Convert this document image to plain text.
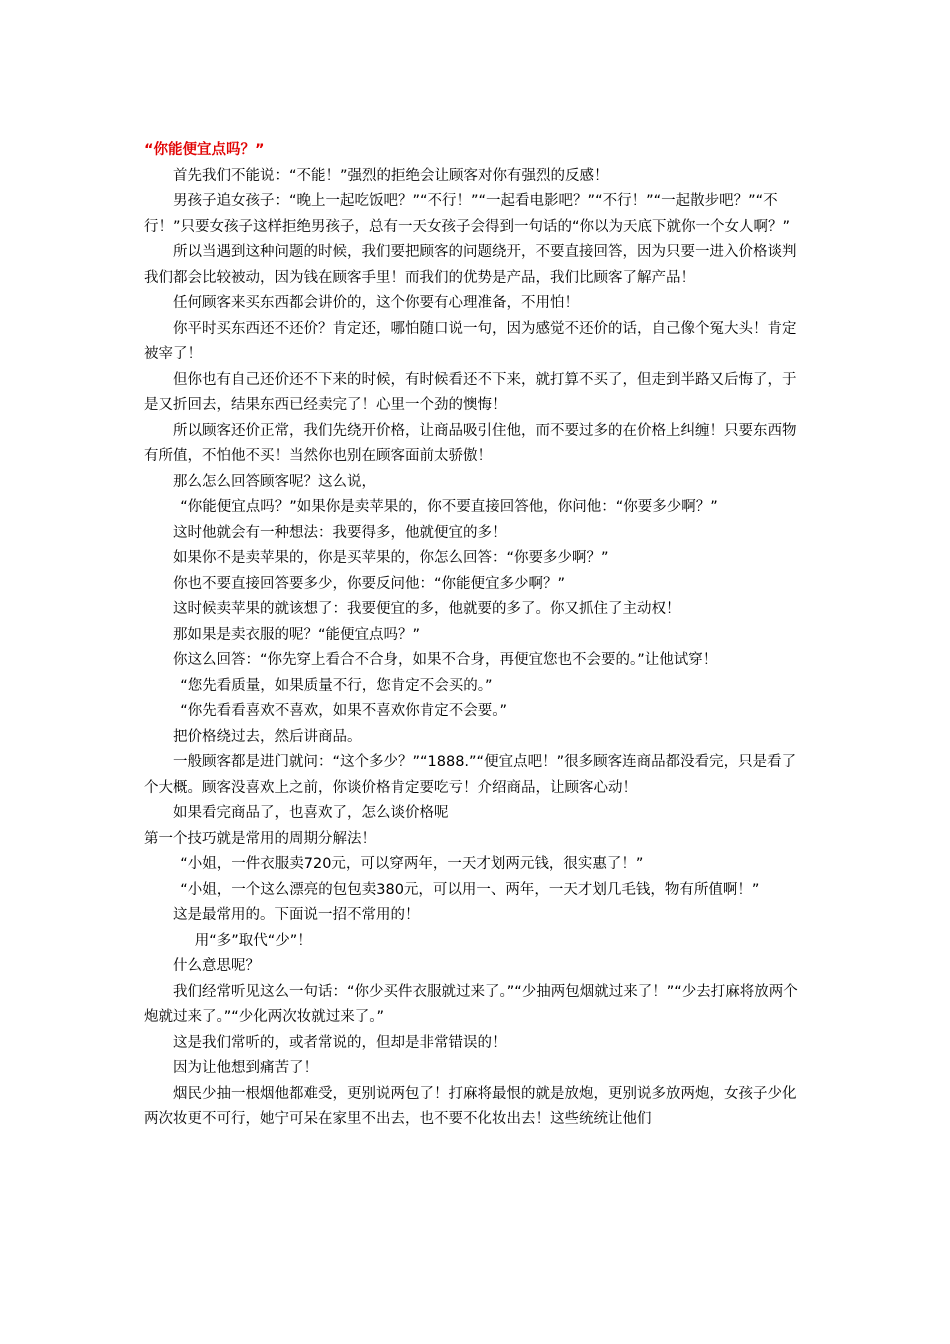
“你能便宜点吗？”

首先我们不能说：“不能！”强烈的拒绝会让顾客对你有强烈的反感！

男孩子追女孩子：“晚上一起吃饭吧？”“不行！”“一起看电影吧？”“不行！”“一起散步吧？”“不行！”只要女孩子这样拒绝男孩子，总有一天女孩子会得到一句话的“你以为天底下就你一个女人啊？”

所以当遇到这种问题的时候，我们要把顾客的问题绕开，不要直接回答，因为只要一进入价格谈判我们都会比较被动，因为钱在顾客手里！而我们的优势是产品，我们比顾客了解产品！

任何顾客来买东西都会讲价的，这个你要有心理准备，不用怕！

你平时买东西还不还价？肯定还，哪怕随口说一句，因为感觉不还价的话，自己像个冤大头！肯定被宰了！

但你也有自己还价还不下来的时候，有时候看还不下来，就打算不买了，但走到半路又后悔了，于是又折回去，结果东西已经卖完了！心里一个劲的懊悔！

所以顾客还价正常，我们先绕开价格，让商品吸引住他，而不要过多的在价格上纠缠！只要东西物有所值，不怕他不买！当然你也别在顾客面前太骄傲！

那么怎么回答顾客呢？这么说，

“你能便宜点吗？”如果你是卖苹果的，你不要直接回答他，你问他：“你要多少啊？”

这时他就会有一种想法：我要得多，他就便宜的多！

如果你不是卖苹果的，你是买苹果的，你怎么回答：“你要多少啊？”

你也不要直接回答要多少，你要反问他：“你能便宜多少啊？”

这时候卖苹果的就该想了：我要便宜的多，他就要的多了。你又抓住了主动权！

那如果是卖衣服的呢？“能便宜点吗？”

你这么回答：“你先穿上看合不合身，如果不合身，再便宜您也不会要的。”让他试穿！

“您先看质量，如果质量不行，您肯定不会买的。”

“你先看看喜欢不喜欢，如果不喜欢你肯定不会要。”

把价格绕过去，然后讲商品。

一般顾客都是进门就问：“这个多少？”“1888.”“便宜点吧！”很多顾客连商品都没看完，只是看了个大概。顾客没喜欢上之前，你谈价格肯定要吃亏！介绍商品，让顾客心动！

如果看完商品了，也喜欢了，怎么谈价格呢

第一个技巧就是常用的周期分解法！

“小姐，一件衣服卖720元，可以穿两年，一天才划两元钱，很实惠了！”

“小姐，一个这么漂亮的包包卖380元，可以用一、两年，一天才划几毛钱，物有所值啊！”

这是最常用的。下面说一招不常用的！

用“多”取代“少”！

什么意思呢？

我们经常听见这么一句话：“你少买件衣服就过来了。”“少抽两包烟就过来了！”“少去打麻将放两个炮就过来了。”“少化两次妆就过来了。”

这是我们常听的，或者常说的，但却是非常错误的！

因为让他想到痛苦了！

烟民少抽一根烟他都难受，更别说两包了！打麻将最恨的就是放炮，更别说多放两炮，女孩子少化两次妆更不可行，她宁可呆在家里不出去，也不要不化妆出去！这些统统让他们
